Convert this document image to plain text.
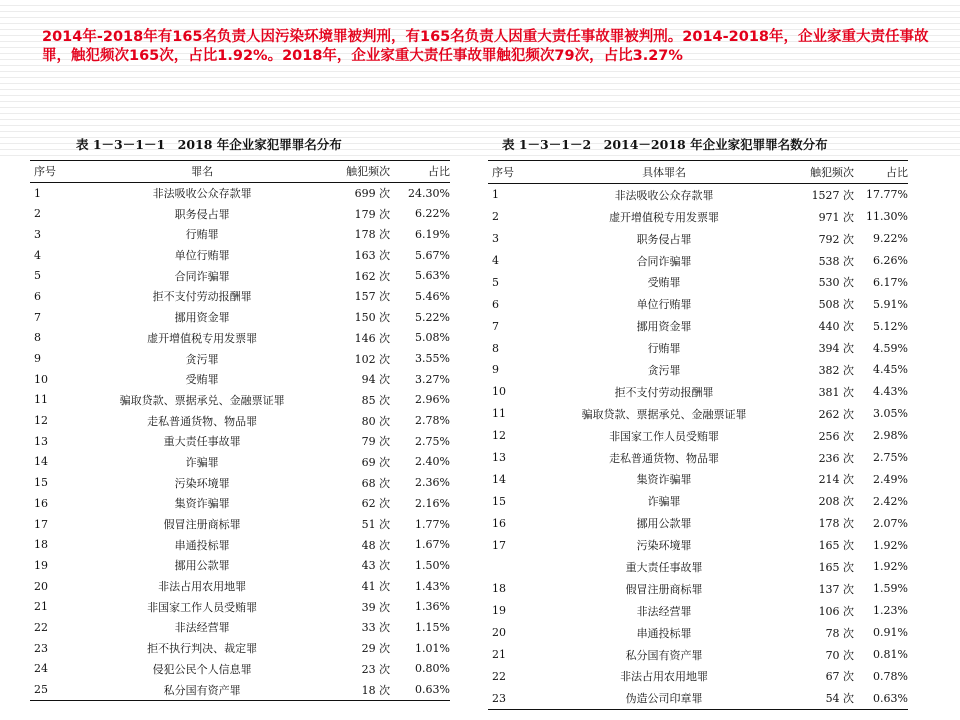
2014年-2018年有165名负责人因污染环境罪被判刑，有165名负责人因重大责任事故罪被判刑。2014-2018年，企业家重大责任事故罪，触犯频次165次，占比1.92%。2018年，企业家重大责任事故罪触犯频次79次，占比3.27%
表 1－3－1－1　2018 年企业家犯罪罪名分布	表 1－3－1－2　2014－2018 年企业家犯罪罪名数分布
序号	罪名	触犯频次	占比
1	非法吸收公众存款罪	699 次	24.30%
2	职务侵占罪	179 次	6.22%
3	行贿罪	178 次	6.19%
4	单位行贿罪	163 次	5.67%
5	合同诈骗罪	162 次	5.63%
6	拒不支付劳动报酬罪	157 次	5.46%
7	挪用资金罪	150 次	5.22%
8	虚开增值税专用发票罪	146 次	5.08%
9	贪污罪	102 次	3.55%
10	受贿罪	94 次	3.27%
11	骗取贷款、票据承兑、金融票证罪	85 次	2.96%
12	走私普通货物、物品罪	80 次	2.78%
13	重大责任事故罪	79 次	2.75%
14	诈骗罪	69 次	2.40%
15	污染环境罪	68 次	2.36%
16	集资诈骗罪	62 次	2.16%
17	假冒注册商标罪	51 次	1.77%
18	串通投标罪	48 次	1.67%
19	挪用公款罪	43 次	1.50%
20	非法占用农用地罪	41 次	1.43%
21	非国家工作人员受贿罪	39 次	1.36%
22	非法经营罪	33 次	1.15%
23	拒不执行判决、裁定罪	29 次	1.01%
24	侵犯公民个人信息罪	23 次	0.80%
25	私分国有资产罪	18 次	0.63%
序号	具体罪名	触犯频次	占比
1	非法吸收公众存款罪	1527 次	17.77%
2	虚开增值税专用发票罪	971 次	11.30%
3	职务侵占罪	792 次	9.22%
4	合同诈骗罪	538 次	6.26%
5	受贿罪	530 次	6.17%
6	单位行贿罪	508 次	5.91%
7	挪用资金罪	440 次	5.12%
8	行贿罪	394 次	4.59%
9	贪污罪	382 次	4.45%
10	拒不支付劳动报酬罪	381 次	4.43%
11	骗取贷款、票据承兑、金融票证罪	262 次	3.05%
12	非国家工作人员受贿罪	256 次	2.98%
13	走私普通货物、物品罪	236 次	2.75%
14	集资诈骗罪	214 次	2.49%
15	诈骗罪	208 次	2.42%
16	挪用公款罪	178 次	2.07%
17	污染环境罪	165 次	1.92%
	重大责任事故罪	165 次	1.92%
18	假冒注册商标罪	137 次	1.59%
19	非法经营罪	106 次	1.23%
20	串通投标罪	78 次	0.91%
21	私分国有资产罪	70 次	0.81%
22	非法占用农用地罪	67 次	0.78%
23	伪造公司印章罪	54 次	0.63%
